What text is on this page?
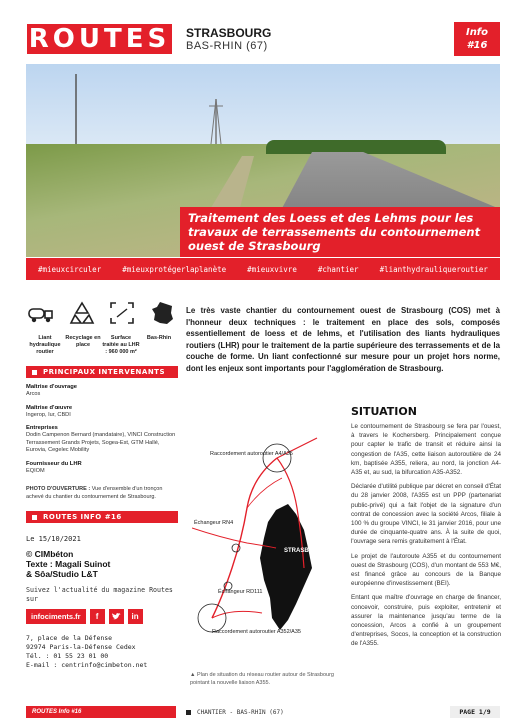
ROUTES STRASBOURG
BAS-RHIN (67)
Info
#16
Traitement des Loess et des Lehms pour les travaux de terrassements du contournement ouest de Strasbourg
#mieuxcirculer	#mieuxprotégerlaplanète	#mieuxvivre	#chantier	#lianthydrauliqueroutier
Liant hydraulique routier
Recyclage en place
Surface traitée au LHR : 960 000 m²
Bas-Rhin
PRINCIPAUX INTERVENANTS
Maîtrise d'ouvrage
Arcos
Maîtrise d'œuvre
Ingerop, Iur, CBDI
Entreprises
Dodin Campenon Bernard (mandataire), VINCI Construction Terrassement Grands Projets, Sogea-Est, GTM Hallé, Eurovia, Cegelec Mobility
Fournisseur du LHR
EQIOM
PHOTO D'OUVERTURE : Vue d'ensemble d'un tronçon achevé du chantier du contournement de Strasbourg.
ROUTES INFO #16
Le 15/10/2021
© CIMbéton
Texte : Magali Suinot
& Sôa/Studio L&T
Suivez l'actualité du magazine Routes sur
infociments.fr	f	in
7, place de la Défense
92974 Paris-la-Défense Cedex
Tél. : 01 55 23 01 00
E-mail : centrinfo@cimbeton.net
Le très vaste chantier du contournement ouest de Strasbourg (COS) met à l'honneur deux techniques : le traitement en place des sols, composés essentiellement de loess et de lehms, et l'utilisation des liants hydrauliques routiers (LHR) pour le traitement de la partie supérieure des terrassements et de la couche de forme. Un liant confectionné sur mesure pour un projet hors norme, dont les enjeux sont importants pour l'agglomération de Strasbourg.
Raccordement autoroutier A4/A35
Échangeur RN4
Échangeur RD111
Raccordement autoroutier A352/A35
STRASBOURG
▲ Plan de situation du réseau routier autour de Strasbourg pointant la nouvelle liaison A355.
SITUATION

Le contournement de Strasbourg se fera par l'ouest, à travers le Kochersberg. Principalement conçue pour capter le trafic de transit et réduire ainsi la congestion de l'A35, cette liaison autoroutière de 24 km, baptisée A355, reliera, au nord, la jonction A4-A35 et, au sud, la bifurcation A35-A352.

Déclarée d'utilité publique par décret en conseil d'État du 28 janvier 2008, l'A355 est un PPP (partenariat public-privé) qui a fait l'objet de la signature d'un contrat de concession avec la société Arcos, filiale à 100 % du groupe VINCI, le 31 janvier 2016, pour une durée de cinquante-quatre ans. À la suite de quoi, l'ouvrage sera remis gratuitement à l'État.

Le projet de l'autoroute A355 et du contournement ouest de Strasbourg (COS), d'un montant de 553 M€, est financé grâce au concours de la Banque européenne d'investissement (BEI).

Entant que maître d'ouvrage en charge de financer, concevoir, construire, puis exploiter, entretenir et assurer la maintenance jusqu'au terme de la concession, Arcos a confié à un groupement d'entreprises, Socos, la conception et la construction de l'A355.

ROUTES Info #16	CHANTIER - BAS-RHIN (67)	PAGE 1/9
